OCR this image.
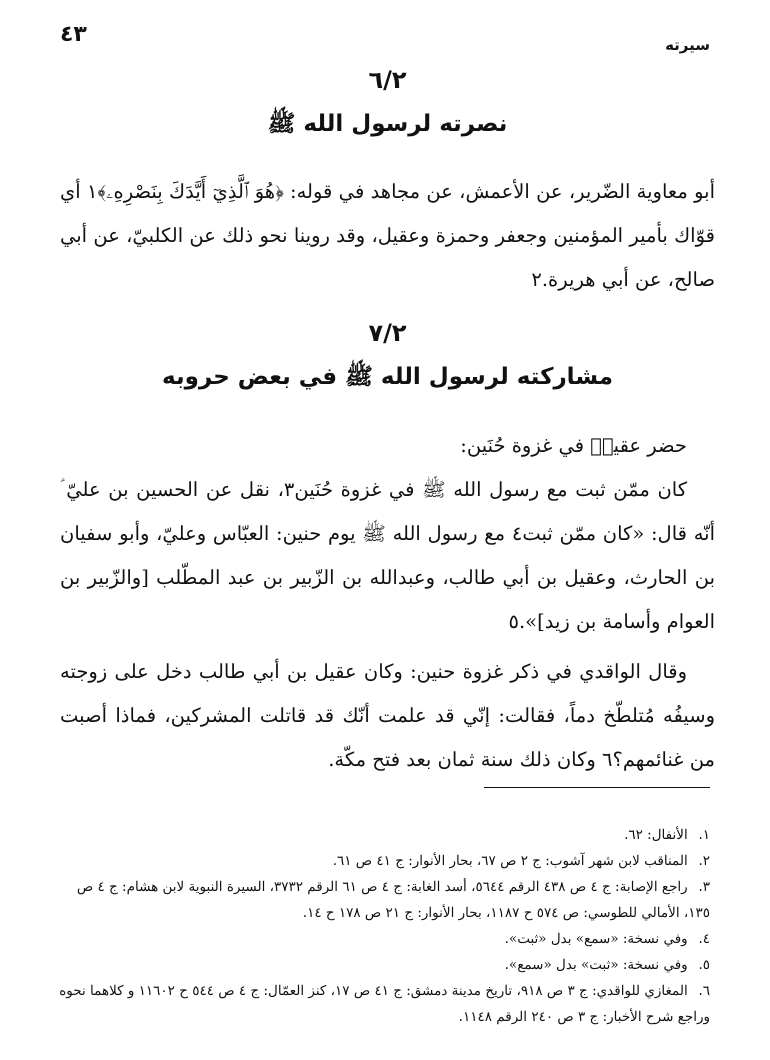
سيرته
٤٣
٦/٢
نصرته لرسول الله ﷺ

أبو معاوية الضّرير، عن الأعمش، عن مجاهد في قوله: ﴿هُوَ ٱلَّذِيٓ أَيَّدَكَ بِنَصْرِهِۦ﴾١ أي قوّاك بأمير المؤمنين وجعفر وحمزة وعقيل، وقد روينا نحو ذلك عن الكلبيّ، عن أبي صالح، عن أبي هريرة.٢

٧/٢
مشاركته لرسول الله ﷺ في بعض حروبه

حضر عقيلؓ في غزوة حُنَين:

كان ممّن ثبت مع رسول الله ﷺ في غزوة حُنَين٣، نقل عن الحسين بن عليّ ؑ أنّه قال: «كان ممّن ثبت٤ مع رسول الله ﷺ يوم حنين: العبّاس وعليّ، وأبو سفيان بن الحارث، وعقيل بن أبي طالب، وعبدالله بن الزّبير بن عبد المطّلب [والزّبير بن العوام وأسامة بن زيد]».٥

وقال الواقدي في ذكر غزوة حنين: وكان عقيل بن أبي طالب دخل على زوجته وسيفُه مُتلطّخ دماً، فقالت: إنّي قد علمت أنّك قد قاتلت المشركين، فماذا أصبت من غنائمهم؟٦ وكان ذلك سنة ثمان بعد فتح مكّة.

١. الأنفال: ٦٢.

٢. المناقب لابن شهر آشوب: ج ٢ ص ٦٧، بحار الأنوار: ج ٤١ ص ٦١.

٣. راجع الإصابة: ج ٤ ص ٤٣٨ الرقم ٥٦٤٤، أسد الغابة: ج ٤ ص ٦١ الرقم ٣٧٣٢، السيرة النبوية لابن هشام: ج ٤ ص ١٣٥، الأمالي للطوسي: ص ٥٧٤ ح ١١٨٧، بحار الأنوار: ج ٢١ ص ١٧٨ ح ١٤.

٤. وفي نسخة: «سمع» بدل «ثبت».

٥. وفي نسخة: «ثبت» بدل «سمع».

٦. المغازي للواقدي: ج ٣ ص ٩١٨، تاريخ مدينة دمشق: ج ٤١ ص ١٧، كنز العمّال: ج ٤ ص ٥٤٤ ح ١١٦٠٢ و كلاهما نحوه وراجع شرح الأخبار: ج ٣ ص ٢٤٠ الرقم ١١٤٨.
